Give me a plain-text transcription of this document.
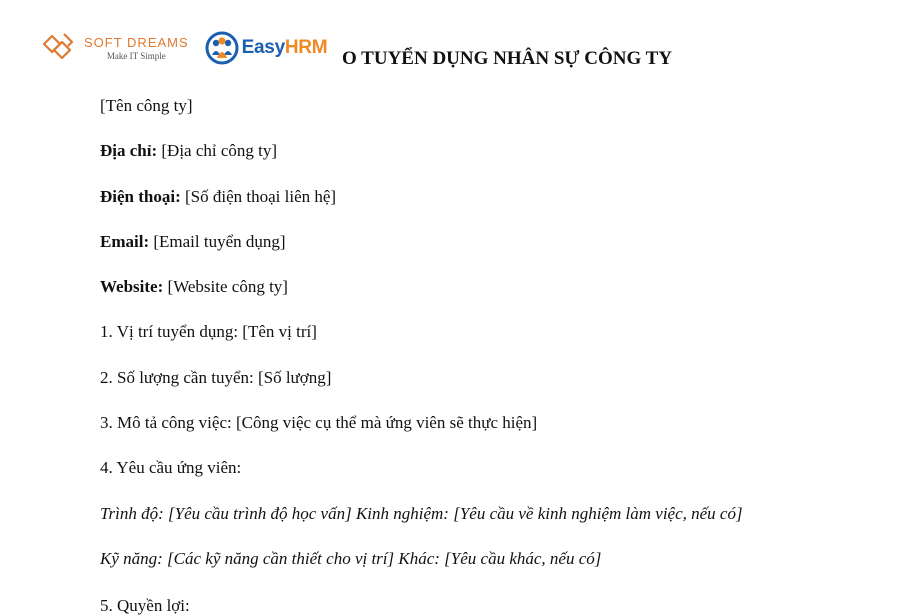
SOFT DREAMS
Make IT Simple	EasyHRM
O TUYỂN DỤNG NHÂN SỰ CÔNG TY
[Tên công ty]
Địa chỉ: [Địa chỉ công ty]
Điện thoại: [Số điện thoại liên hệ]
Email: [Email tuyển dụng]
Website: [Website công ty]
1. Vị trí tuyển dụng: [Tên vị trí]
2. Số lượng cần tuyển: [Số lượng]
3. Mô tả công việc: [Công việc cụ thể mà ứng viên sẽ thực hiện]
4. Yêu cầu ứng viên:
Trình độ: [Yêu cầu trình độ học vấn] Kinh nghiệm: [Yêu cầu về kinh nghiệm làm việc, nếu có]
Kỹ năng: [Các kỹ năng cần thiết cho vị trí] Khác: [Yêu cầu khác, nếu có]
5. Quyền lợi:
